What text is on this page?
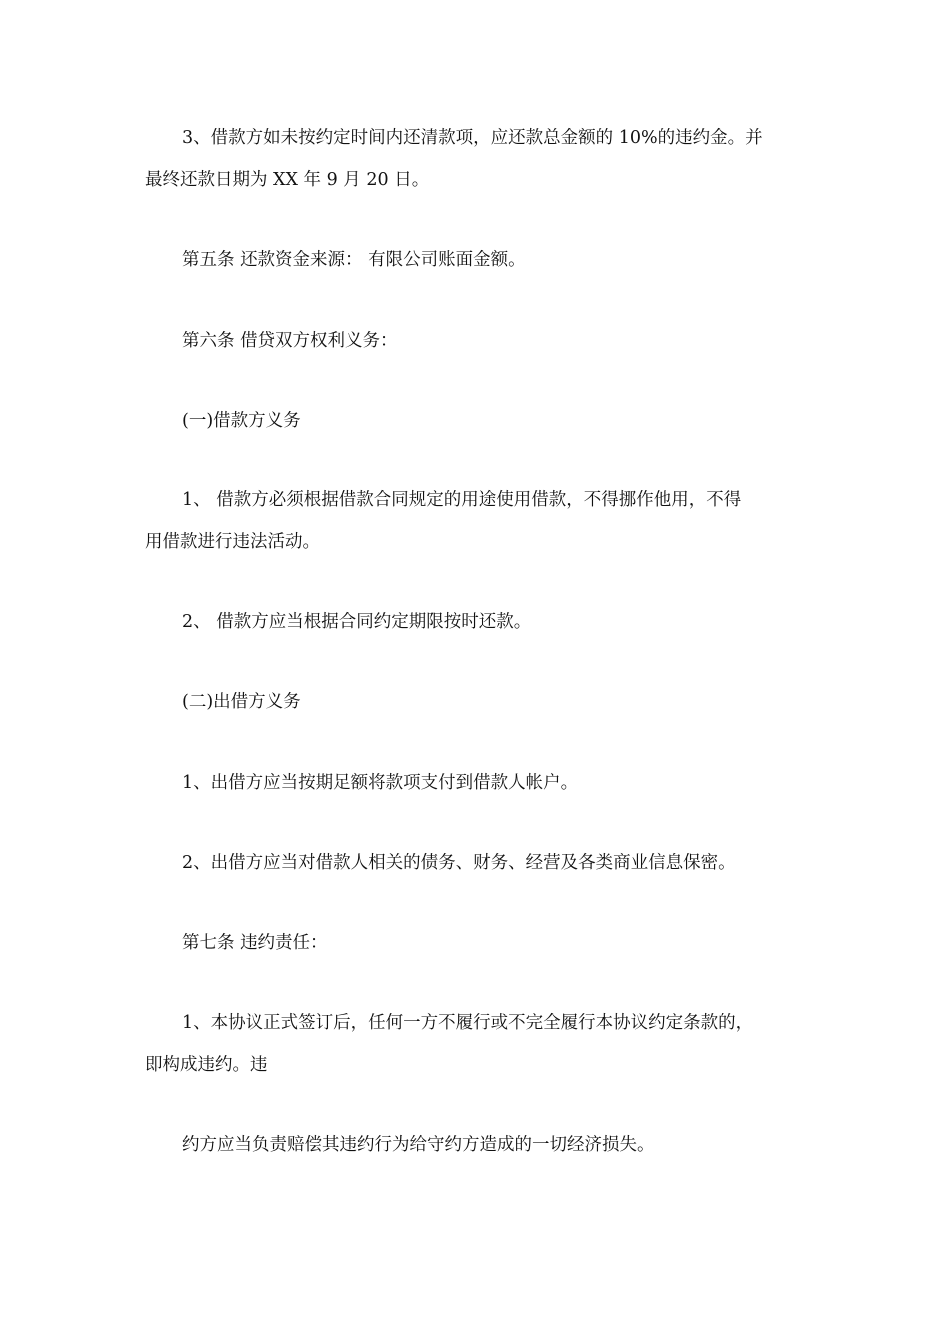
3、借款方如未按约定时间内还清款项，应还款总金额的 10%的违约金。并
最终还款日期为 XX 年 9 月 20 日。
第五条 还款资金来源： 有限公司账面金额。
第六条 借贷双方权利义务：
(一)借款方义务
1、 借款方必须根据借款合同规定的用途使用借款，不得挪作他用，不得
用借款进行违法活动。
2、 借款方应当根据合同约定期限按时还款。
(二)出借方义务
1、出借方应当按期足额将款项支付到借款人帐户。
2、出借方应当对借款人相关的债务、财务、经营及各类商业信息保密。
第七条 违约责任：
1、本协议正式签订后，任何一方不履行或不完全履行本协议约定条款的，
即构成违约。违
约方应当负责赔偿其违约行为给守约方造成的一切经济损失。
